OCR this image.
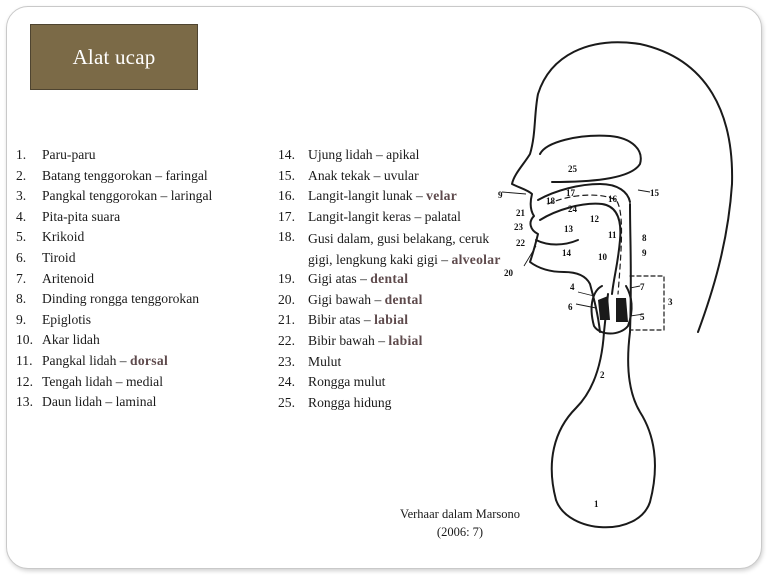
Alat ucap
1.	Paru-paru
2.	Batang tenggorokan – faringal
3.	Pangkal tenggorokan – laringal
4.	Pita-pita suara
5.	Krikoid
6.	Tiroid
7.	Aritenoid
8.	Dinding rongga tenggorokan
9.	Epiglotis
10. Akar lidah
11. Pangkal lidah – dorsal
12. Tengah lidah – medial
13. Daun lidah – laminal
14. Ujung lidah – apikal
15. Anak tekak – uvular
16. Langit-langit lunak – velar
17. Langit-langit keras – palatal
18. Gusi dalam, gusi belakang, ceruk gigi, lengkung kaki gigi – alveolar
19. Gigi atas – dental
20. Gigi bawah – dental
21. Bibir atas – labial
22. Bibir bawah – labial
23. Mulut
24. Rongga mulut
25. Rongga hidung
Verhaar dalam Marsono
(2006: 7)
25
17
16
15
18
9
24
21
12
23	13
11	8
22
14	10	9
20
4	7
3
6
5
2
1
